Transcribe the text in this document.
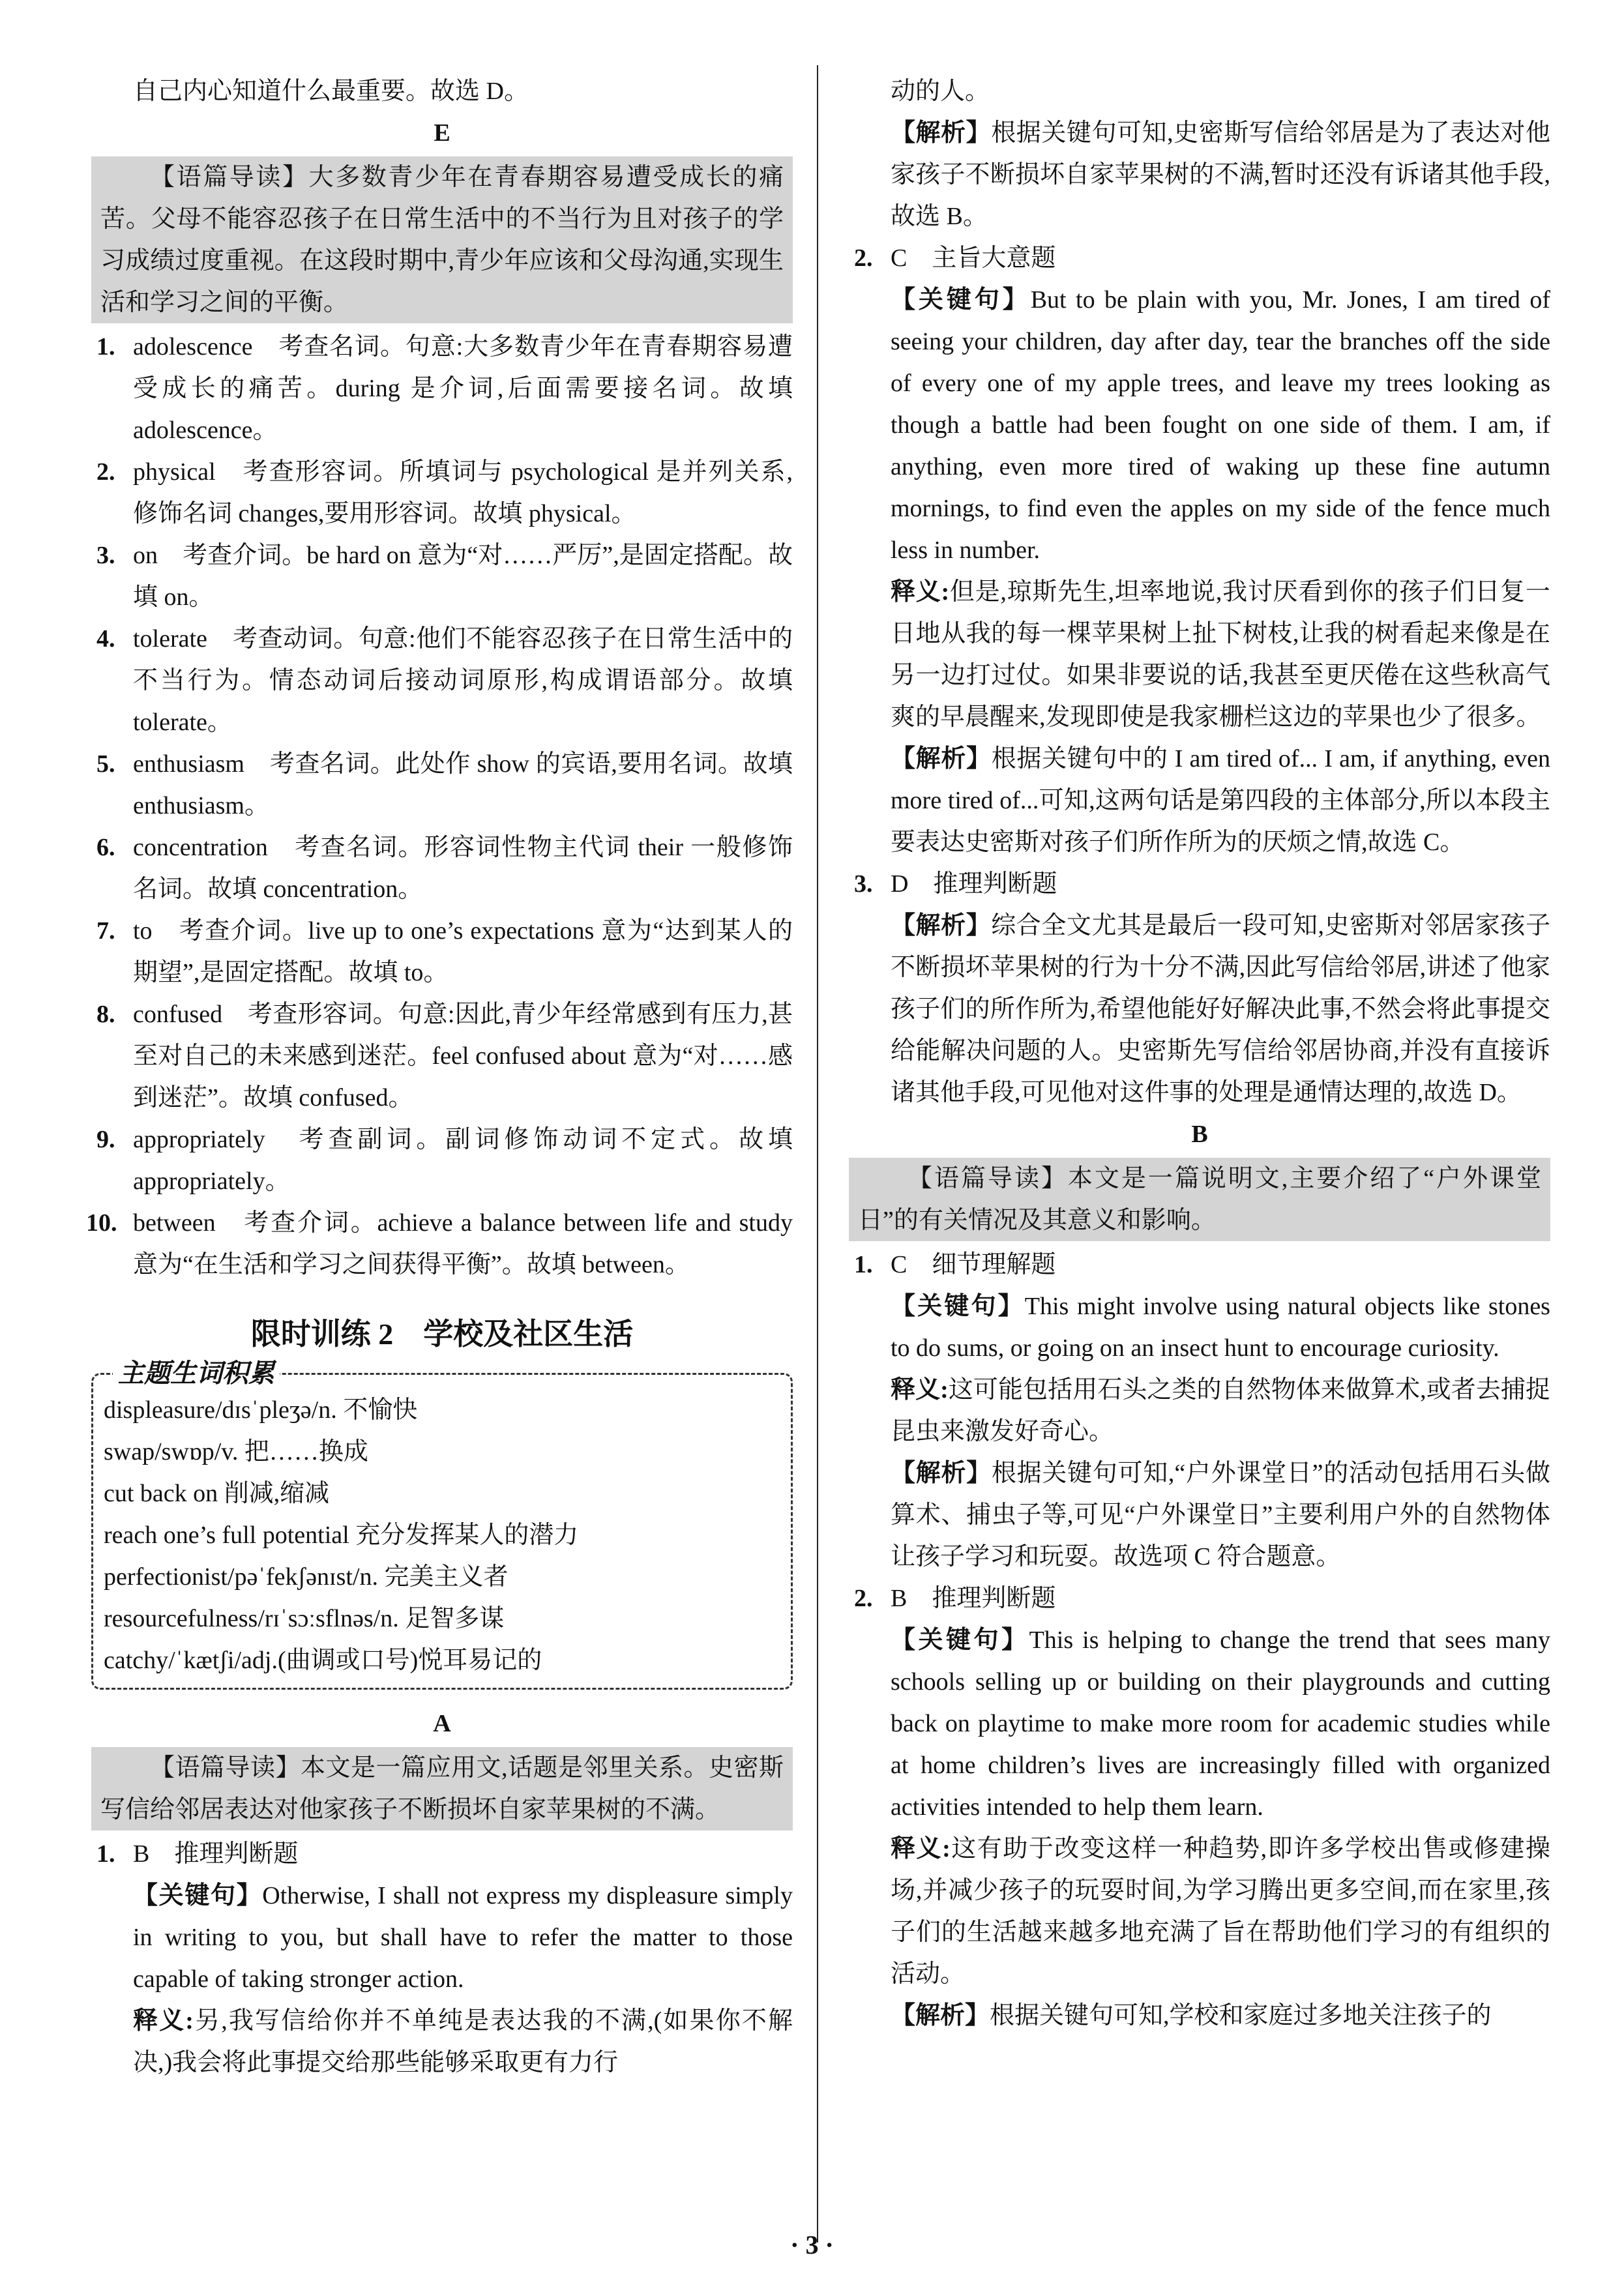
自己内心知道什么最重要。故选 D。

E

【语篇导读】大多数青少年在青春期容易遭受成长的痛苦。父母不能容忍孩子在日常生活中的不当行为且对孩子的学习成绩过度重视。在这段时期中,青少年应该和父母沟通,实现生活和学习之间的平衡。

1. adolescence　考查名词。句意:大多数青少年在青春期容易遭受成长的痛苦。during 是介词,后面需要接名词。故填 adolescence。

2. physical　考查形容词。所填词与 psychological 是并列关系,修饰名词 changes,要用形容词。故填 physical。

3. on　考查介词。be hard on 意为“对……严厉”,是固定搭配。故填 on。

4. tolerate　考查动词。句意:他们不能容忍孩子在日常生活中的不当行为。情态动词后接动词原形,构成谓语部分。故填 tolerate。

5. enthusiasm　考查名词。此处作 show 的宾语,要用名词。故填 enthusiasm。

6. concentration　考查名词。形容词性物主代词 their 一般修饰名词。故填 concentration。

7. to　考查介词。live up to one’s expectations 意为“达到某人的期望”,是固定搭配。故填 to。

8. confused　考查形容词。句意:因此,青少年经常感到有压力,甚至对自己的未来感到迷茫。feel confused about 意为“对……感到迷茫”。故填 confused。

9. appropriately　考查副词。副词修饰动词不定式。故填 appropriately。

10. between　考查介词。achieve a balance between life and study 意为“在生活和学习之间获得平衡”。故填 between。

限时训练 2　学校及社区生活

主题生词积累

displeasure/dɪsˈpleʒə/n. 不愉快

swap/swɒp/v. 把……换成

cut back on 削减,缩减

reach one’s full potential 充分发挥某人的潜力

perfectionist/pəˈfekʃənɪst/n. 完美主义者

resourcefulness/rɪˈsɔːsflnəs/n. 足智多谋

catchy/ˈkætʃi/adj.(曲调或口号)悦耳易记的

A

【语篇导读】本文是一篇应用文,话题是邻里关系。史密斯写信给邻居表达对他家孩子不断损坏自家苹果树的不满。

1. B　推理判断题

【关键句】Otherwise, I shall not express my displeasure simply in writing to you, but shall have to refer the matter to those capable of taking stronger action.

释义:另,我写信给你并不单纯是表达我的不满,(如果你不解决,)我会将此事提交给那些能够采取更有力行

动的人。

【解析】根据关键句可知,史密斯写信给邻居是为了表达对他家孩子不断损坏自家苹果树的不满,暂时还没有诉诸其他手段,故选 B。

2. C　主旨大意题

【关键句】But to be plain with you, Mr. Jones, I am tired of seeing your children, day after day, tear the branches off the side of every one of my apple trees, and leave my trees looking as though a battle had been fought on one side of them. I am, if anything, even more tired of waking up these fine autumn mornings, to find even the apples on my side of the fence much less in number.

释义:但是,琼斯先生,坦率地说,我讨厌看到你的孩子们日复一日地从我的每一棵苹果树上扯下树枝,让我的树看起来像是在另一边打过仗。如果非要说的话,我甚至更厌倦在这些秋高气爽的早晨醒来,发现即使是我家栅栏这边的苹果也少了很多。

【解析】根据关键句中的 I am tired of... I am, if anything, even more tired of...可知,这两句话是第四段的主体部分,所以本段主要表达史密斯对孩子们所作所为的厌烦之情,故选 C。

3. D　推理判断题

【解析】综合全文尤其是最后一段可知,史密斯对邻居家孩子不断损坏苹果树的行为十分不满,因此写信给邻居,讲述了他家孩子们的所作所为,希望他能好好解决此事,不然会将此事提交给能解决问题的人。史密斯先写信给邻居协商,并没有直接诉诸其他手段,可见他对这件事的处理是通情达理的,故选 D。

B

【语篇导读】本文是一篇说明文,主要介绍了“户外课堂日”的有关情况及其意义和影响。

1. C　细节理解题

【关键句】This might involve using natural objects like stones to do sums, or going on an insect hunt to encourage curiosity.

释义:这可能包括用石头之类的自然物体来做算术,或者去捕捉昆虫来激发好奇心。

【解析】根据关键句可知,“户外课堂日”的活动包括用石头做算术、捕虫子等,可见“户外课堂日”主要利用户外的自然物体让孩子学习和玩耍。故选项 C 符合题意。

2. B　推理判断题

【关键句】This is helping to change the trend that sees many schools selling up or building on their playgrounds and cutting back on playtime to make more room for academic studies while at home children’s lives are increasingly filled with organized activities intended to help them learn.

释义:这有助于改变这样一种趋势,即许多学校出售或修建操场,并减少孩子的玩耍时间,为学习腾出更多空间,而在家里,孩子们的生活越来越多地充满了旨在帮助他们学习的有组织的活动。

【解析】根据关键句可知,学校和家庭过多地关注孩子的

· 3 ·
